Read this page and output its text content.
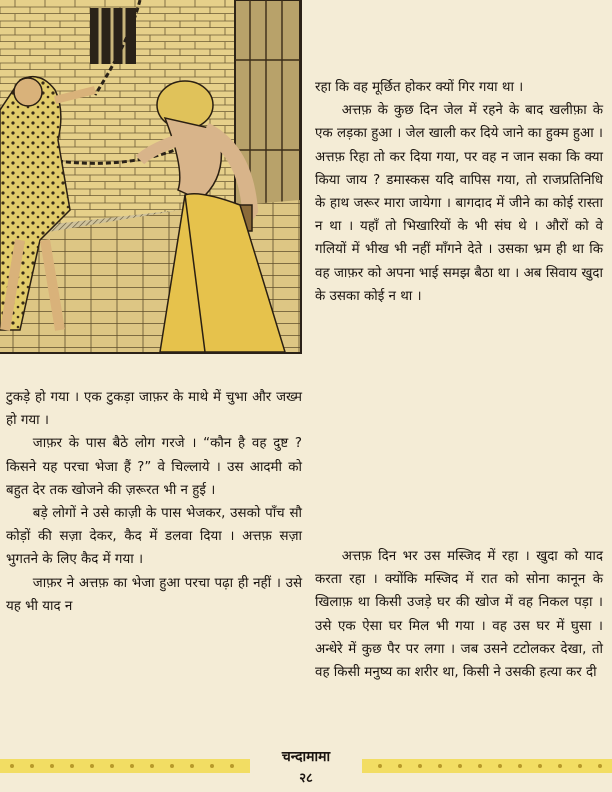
रहा कि वह मूर्छित होकर क्यों गिर गया था ।

अत्तफ़ के कुछ दिन जेल में रहने के बाद खलीफ़ा के एक लड़का हुआ । जेल खाली कर दिये जाने का हुक्म हुआ । अत्तफ़ रिहा तो कर दिया गया, पर वह न जान सका कि क्या किया जाय ? डमास्कस यदि वापिस गया, तो राजप्रतिनिधि के हाथ जरूर मारा जायेगा । बागदाद में जीने का कोई रास्ता न था । यहाँ तो भिखारियों के भी संघ थे । औरों को वे गलियों में भीख भी नहीं माँगने देते । उसका भ्रम ही था कि वह जाफ़र को अपना भाई समझ बैठा था । अब सिवाय खुदा के उसका कोई न था ।

टुकड़े हो गया । एक टुकड़ा जाफ़र के माथे में चुभा और जख्म हो गया ।

जाफ़र के पास बैठे लोग गरजे । “कौन है वह दुष्ट ? किसने यह परचा भेजा हैं ?” वे चिल्लाये । उस आदमी को बहुत देर तक खोजने की ज़रूरत भी न हुई ।

बड़े लोगों ने उसे काज़ी के पास भेजकर, उसको पाँच सौ कोड़ों की सज़ा देकर, कैद में डलवा दिया । अत्तफ़ सज़ा भुगतने के लिए कैद में गया ।

जाफ़र ने अत्तफ़ का भेजा हुआ परचा पढ़ा ही नहीं । उसे यह भी याद न

अत्तफ़ दिन भर उस मस्जिद में रहा । खुदा को याद करता रहा । क्योंकि मस्जिद में रात को सोना कानून के खिलाफ़ था किसी उजड़े घर की खोज में वह निकल पड़ा । उसे एक ऐसा घर मिल भी गया । वह उस घर में घुसा । अन्धेरे में कुछ पैर पर लगा । जब उसने टटोलकर देखा, तो वह किसी मनुष्य का शरीर था, किसी ने उसकी हत्या कर दी

चन्दामामा
२८
